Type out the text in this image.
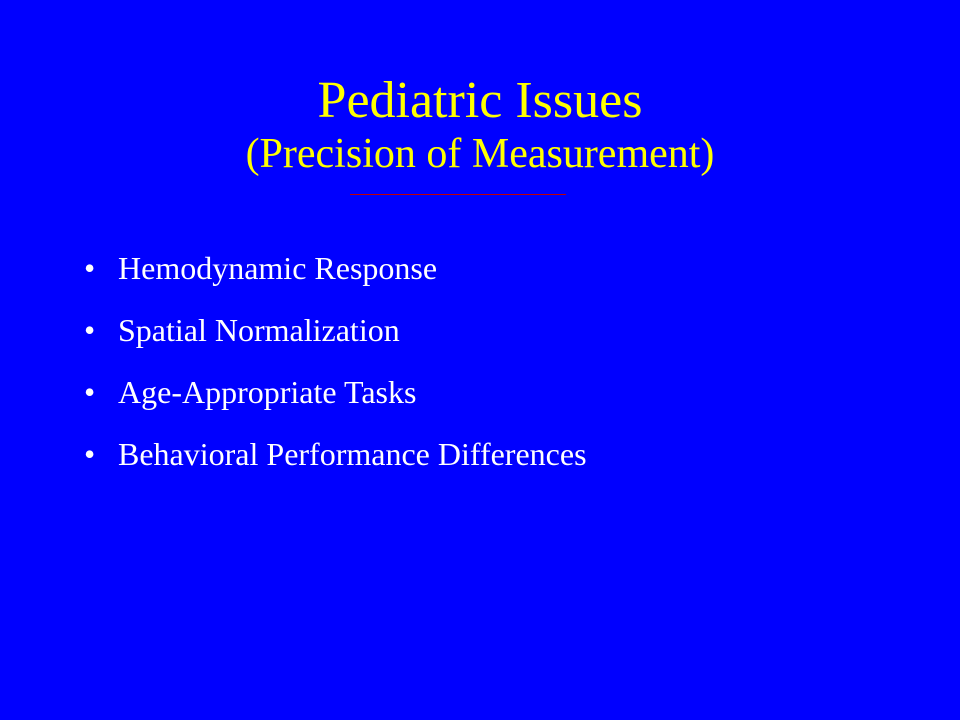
Pediatric Issues
(Precision of Measurement)
• Hemodynamic Response
• Spatial Normalization
• Age-Appropriate Tasks
• Behavioral Performance Differences
